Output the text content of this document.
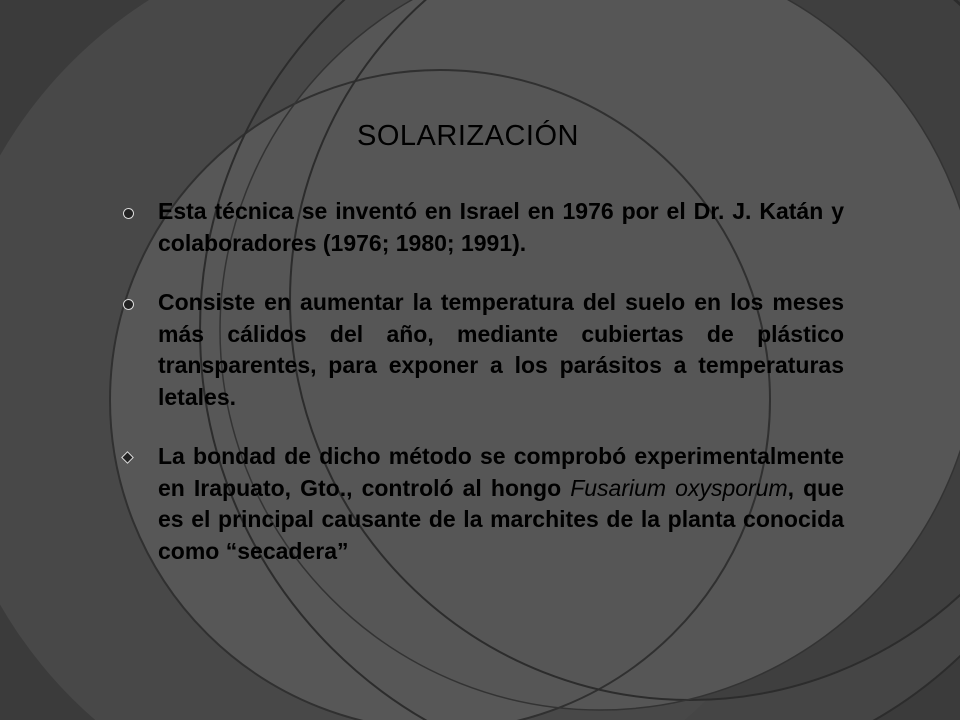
SOLARIZACIÓN
Esta técnica se inventó en Israel en 1976 por el Dr. J. Katán y colaboradores (1976; 1980; 1991).
Consiste en aumentar la temperatura del suelo en los meses más cálidos del año, mediante cubiertas de plástico transparentes, para exponer a los parásitos a temperaturas letales.
La bondad de dicho método se comprobó experimentalmente en Irapuato, Gto., controló al hongo Fusarium oxysporum, que es el principal causante de la marchites de la planta conocida como “secadera”
